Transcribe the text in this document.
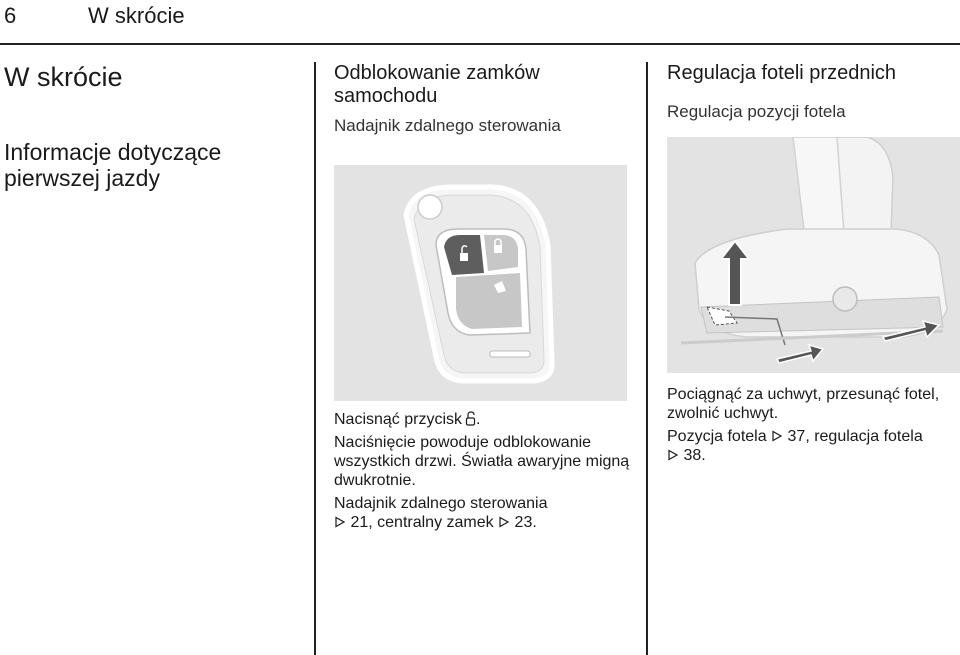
6	W skrócie
W skrócie
Informacje dotyczące pierwszej jazdy
Odblokowanie zamków samochodu

Nadajnik zdalnego sterowania

Nacisnąć przycisk .

Naciśnięcie powoduje odblokowanie wszystkich drzwi. Światła awaryjne migną dwukrotnie.

Nadajnik zdalnego sterowania
21, centralny zamek 23.

Regulacja foteli przednich

Regulacja pozycji fotela

Pociągnąć za uchwyt, przesunąć fotel, zwolnić uchwyt.

Pozycja fotela 37, regulacja fotela
38.
